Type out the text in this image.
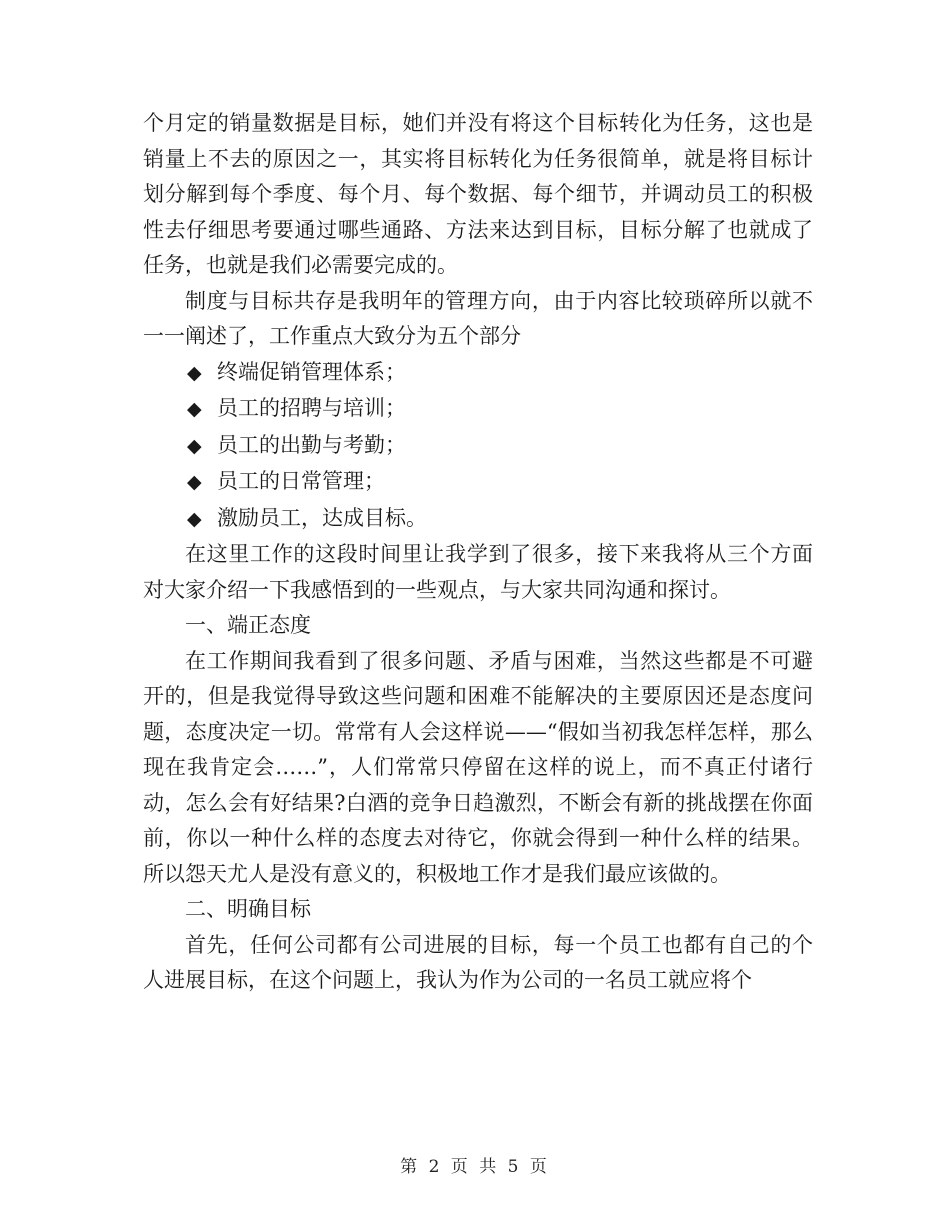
个月定的销量数据是目标，她们并没有将这个目标转化为任务，这也是销量上不去的原因之一，其实将目标转化为任务很简单，就是将目标计划分解到每个季度、每个月、每个数据、每个细节，并调动员工的积极性去仔细思考要通过哪些通路、方法来达到目标，目标分解了也就成了任务，也就是我们必需要完成的。

制度与目标共存是我明年的管理方向，由于内容比较琐碎所以就不一一阐述了，工作重点大致分为五个部分

◆ 终端促销管理体系；

◆ 员工的招聘与培训；

◆ 员工的出勤与考勤；

◆ 员工的日常管理；

◆ 激励员工，达成目标。

在这里工作的这段时间里让我学到了很多，接下来我将从三个方面对大家介绍一下我感悟到的一些观点，与大家共同沟通和探讨。

一、端正态度

在工作期间我看到了很多问题、矛盾与困难，当然这些都是不可避开的，但是我觉得导致这些问题和困难不能解决的主要原因还是态度问题，态度决定一切。常常有人会这样说——“假如当初我怎样怎样，那么现在我肯定会……”，人们常常只停留在这样的说上，而不真正付诸行动，怎么会有好结果?白酒的竞争日趋激烈，不断会有新的挑战摆在你面前，你以一种什么样的态度去对待它，你就会得到一种什么样的结果。所以怨天尤人是没有意义的，积极地工作才是我们最应该做的。

二、明确目标

首先，任何公司都有公司进展的目标，每一个员工也都有自己的个人进展目标，在这个问题上，我认为作为公司的一名员工就应将个

第 2 页 共 5 页
